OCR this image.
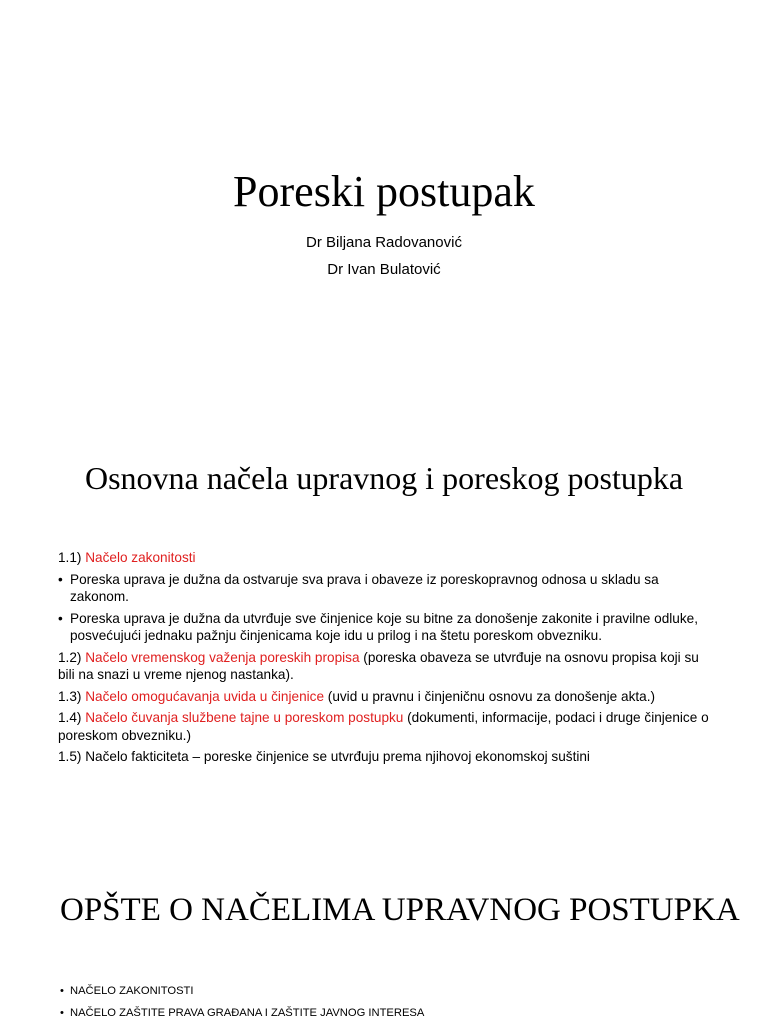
Poreski postupak
Dr Biljana Radovanović
Dr Ivan Bulatović
Osnovna načela upravnog i poreskog postupka

1.1) Načelo zakonitosti

• Poreska uprava je dužna da ostvaruje sva prava i obaveze iz poreskopravnog odnosa u skladu sa zakonom.

• Poreska uprava je dužna da utvrđuje sve činjenice koje su bitne za donošenje zakonite i pravilne odluke, posvećujući jednaku pažnju činjenicama koje idu u prilog i na štetu poreskom obvezniku.

1.2) Načelo vremenskog važenja poreskih propisa (poreska obaveza se utvrđuje na osnovu propisa koji su bili na snazi u vreme njenog nastanka).

1.3) Načelo omogućavanja uvida u činjenice (uvid u pravnu i činjeničnu osnovu za donošenje akta.)

1.4) Načelo čuvanja službene tajne u poreskom postupku (dokumenti, informacije, podaci i druge činjenice o poreskom obvezniku.)

1.5) Načelo fakticiteta – poreske činjenice se utvrđuju prema njihovoj ekonomskoj suštini

OPŠTE O NAČELIMA UPRAVNOG POSTUPKA

• NAČELO ZAKONITOSTI

• NAČELO ZAŠTITE PRAVA GRAĐANA I ZAŠTITE JAVNOG INTERESA
